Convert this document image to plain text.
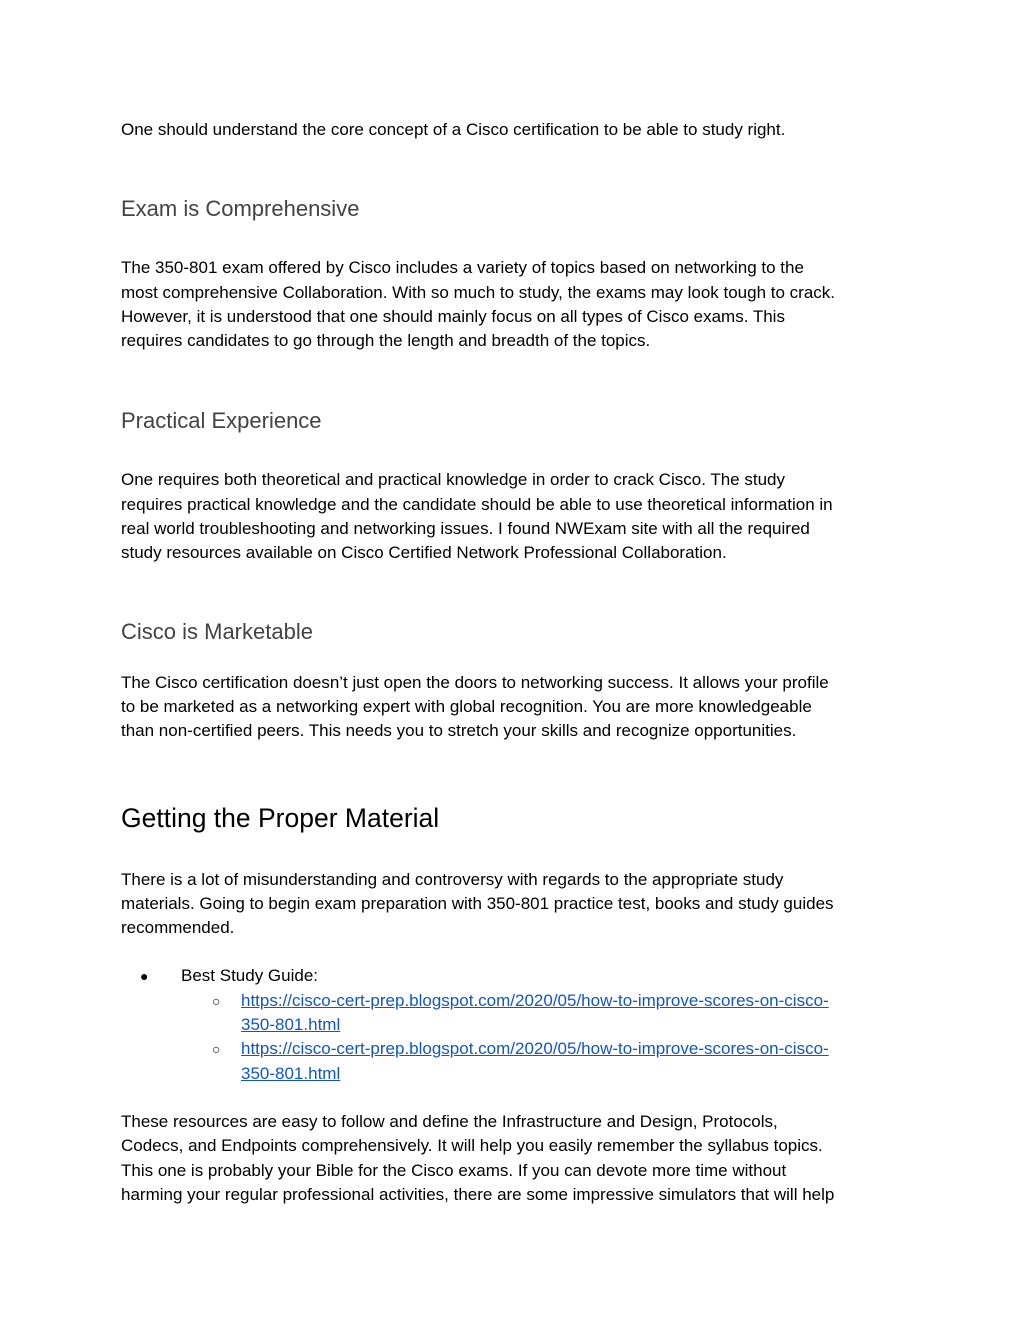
One should understand the core concept of a Cisco certification to be able to study right.

Exam is Comprehensive

The 350-801 exam offered by Cisco includes a variety of topics based on networking to the
most comprehensive Collaboration. With so much to study, the exams may look tough to crack.
However, it is understood that one should mainly focus on all types of Cisco exams. This
requires candidates to go through the length and breadth of the topics.

Practical Experience

One requires both theoretical and practical knowledge in order to crack Cisco. The study
requires practical knowledge and the candidate should be able to use theoretical information in
real world troubleshooting and networking issues. I found NWExam site with all the required
study resources available on Cisco Certified Network Professional Collaboration.

Cisco is Marketable

The Cisco certification doesn’t just open the doors to networking success. It allows your profile
to be marketed as a networking expert with global recognition. You are more knowledgeable
than non-certified peers. This needs you to stretch your skills and recognize opportunities.

Getting the Proper Material

There is a lot of misunderstanding and controversy with regards to the appropriate study
materials. Going to begin exam preparation with 350-801 practice test, books and study guides
recommended.

● Best Study Guide:
○	https://cisco-cert-prep.blogspot.com/2020/05/how-to-improve-scores-on-cisco-
350-801.html
○	https://cisco-cert-prep.blogspot.com/2020/05/how-to-improve-scores-on-cisco-
350-801.html

These resources are easy to follow and define the Infrastructure and Design, Protocols,
Codecs, and Endpoints comprehensively. It will help you easily remember the syllabus topics.
This one is probably your Bible for the Cisco exams. If you can devote more time without
harming your regular professional activities, there are some impressive simulators that will help
